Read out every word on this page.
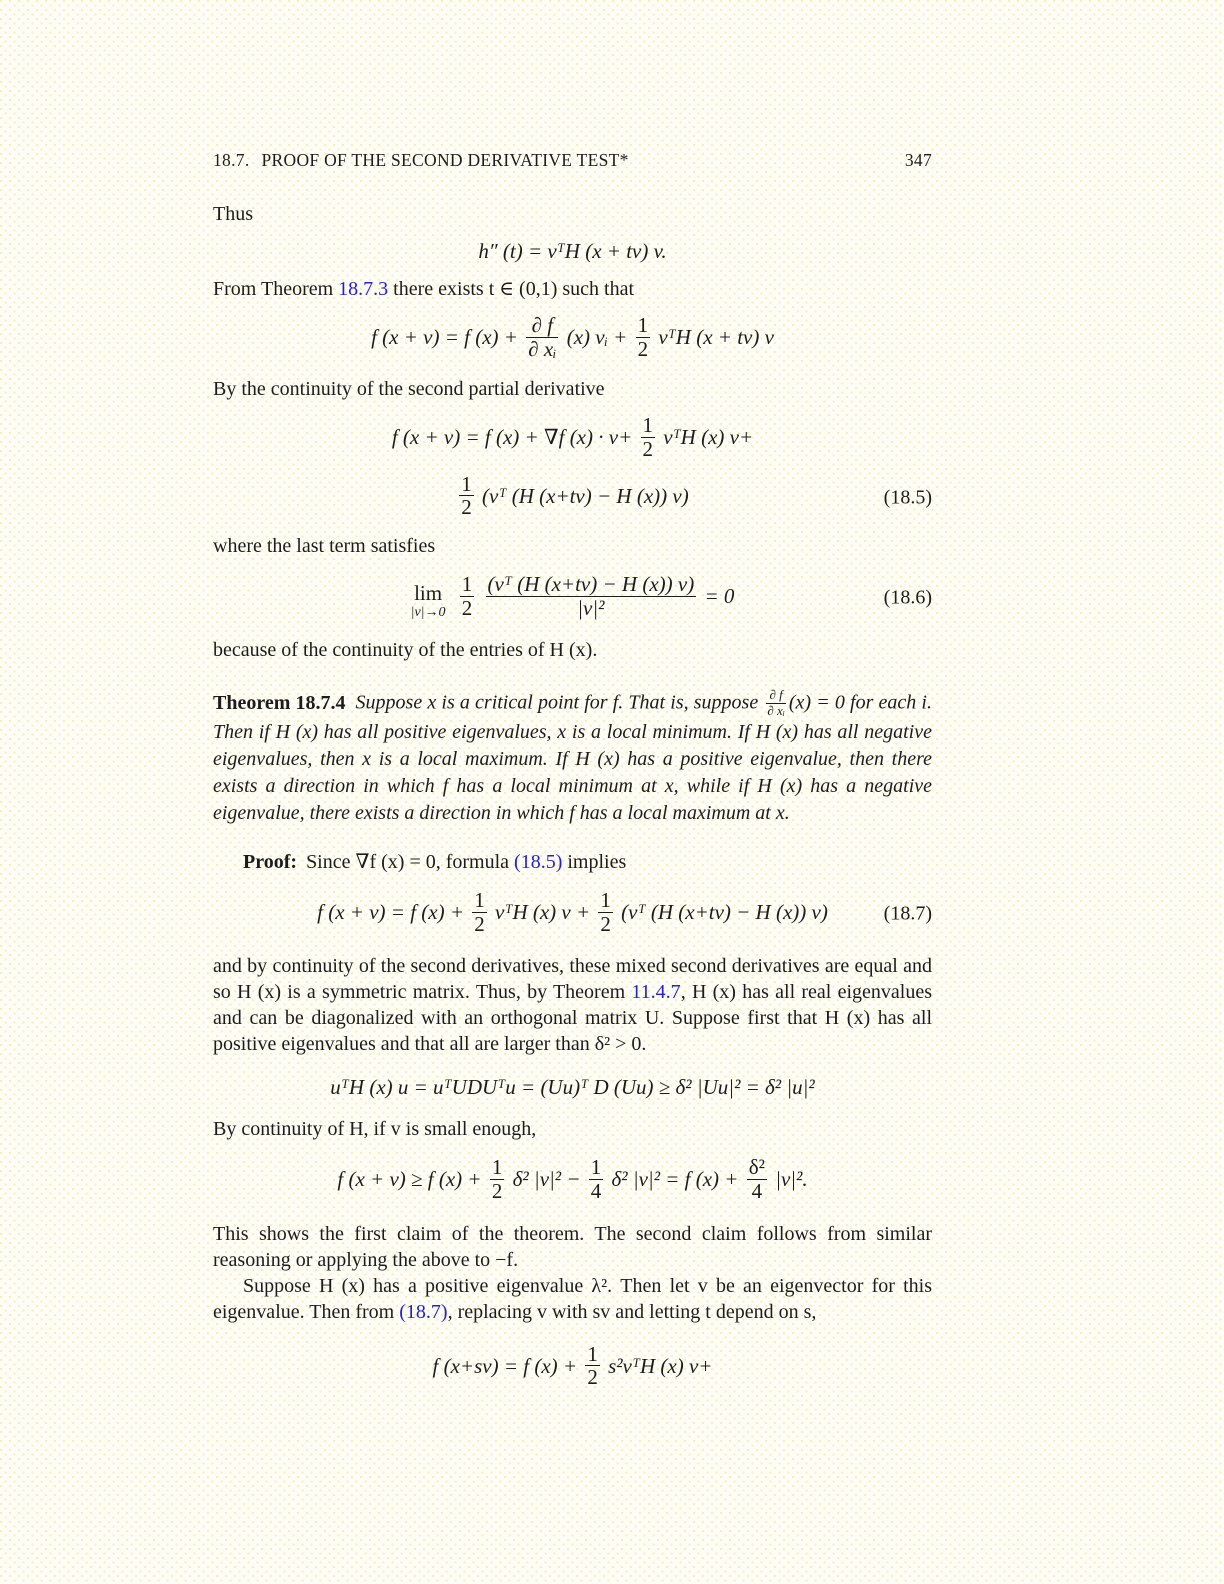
18.7. PROOF OF THE SECOND DERIVATIVE TEST*	347

Thus

h″ (t) = vᵀH (x + tv) v.

From Theorem 18.7.3 there exists t ∈ (0,1) such that

f (x + v) = f $(x) + \frac{\partial f}{\text{∂ xᵢ}} (x)$ vᵢ + $\frac{1}{2}$ vᵀH (x + tv) v

By the continuity of the second partial derivative

f (x + v) = f (x) + ∇f $(x) \cdot v+ \frac{1}{2}$ vᵀH (x) v+
$\frac{1}{2}$ (vᵀ (H (x+tv) − H (x)) v)	(18.5)

where the last term satisfies

lim
|v|→0
$\frac{1}{2}$
$\frac{\text{(vᵀ (H (x+tv) − H (x)) v)}}{\text{|v|²}} = 0$	(18.6)

because of the continuity of the entries of H (x).

Theorem 18.7.4 Suppose x is a critical point for f. That is, suppose $\frac{\partial f}{\text{∂ xᵢ}} (x) = 0$ for each i. Then if H (x) has all positive eigenvalues, x is a local minimum. If H (x) has all negative eigenvalues, then x is a local maximum. If H (x) has a positive eigenvalue, then there exists a direction in which f has a local minimum at x, while if H (x) has a negative eigenvalue, there exists a direction in which f has a local maximum at x.

Proof: Since ∇f (x) = 0, formula (18.5) implies

f (x + v) = f $(x) + \frac{1}{2}$ vᵀH (x) $v + \frac{1}{2}$ (vᵀ (H (x+tv) − H (x)) v)	(18.7)

and by continuity of the second derivatives, these mixed second derivatives are equal and so H (x) is a symmetric matrix. Thus, by Theorem 11.4.7, H (x) has all real eigenvalues and can be diagonalized with an orthogonal matrix U. Suppose first that H (x) has all positive eigenvalues and that all are larger than δ² > 0.

uᵀH (x) u = uᵀUDUᵀu = (Uu)ᵀ D (Uu) ≥ δ² |Uu|² = δ² |u|²

By continuity of H, if v is small enough,

f (x + v) ≥ f $(x) + \frac{1}{2} \delta^2$ $|v|^2 - \frac{1}{4} \delta^2$ |v|² = f $(x) + \frac{\text{δ²}}{4} |v|^2$.

This shows the first claim of the theorem. The second claim follows from similar reasoning or applying the above to −f.

Suppose H (x) has a positive eigenvalue λ². Then let v be an eigenvector for this eigenvalue. Then from (18.7), replacing v with sv and letting t depend on s,

f (x+sv) = f $(x) + \frac{1}{2}$ s²vᵀH (x) v+
